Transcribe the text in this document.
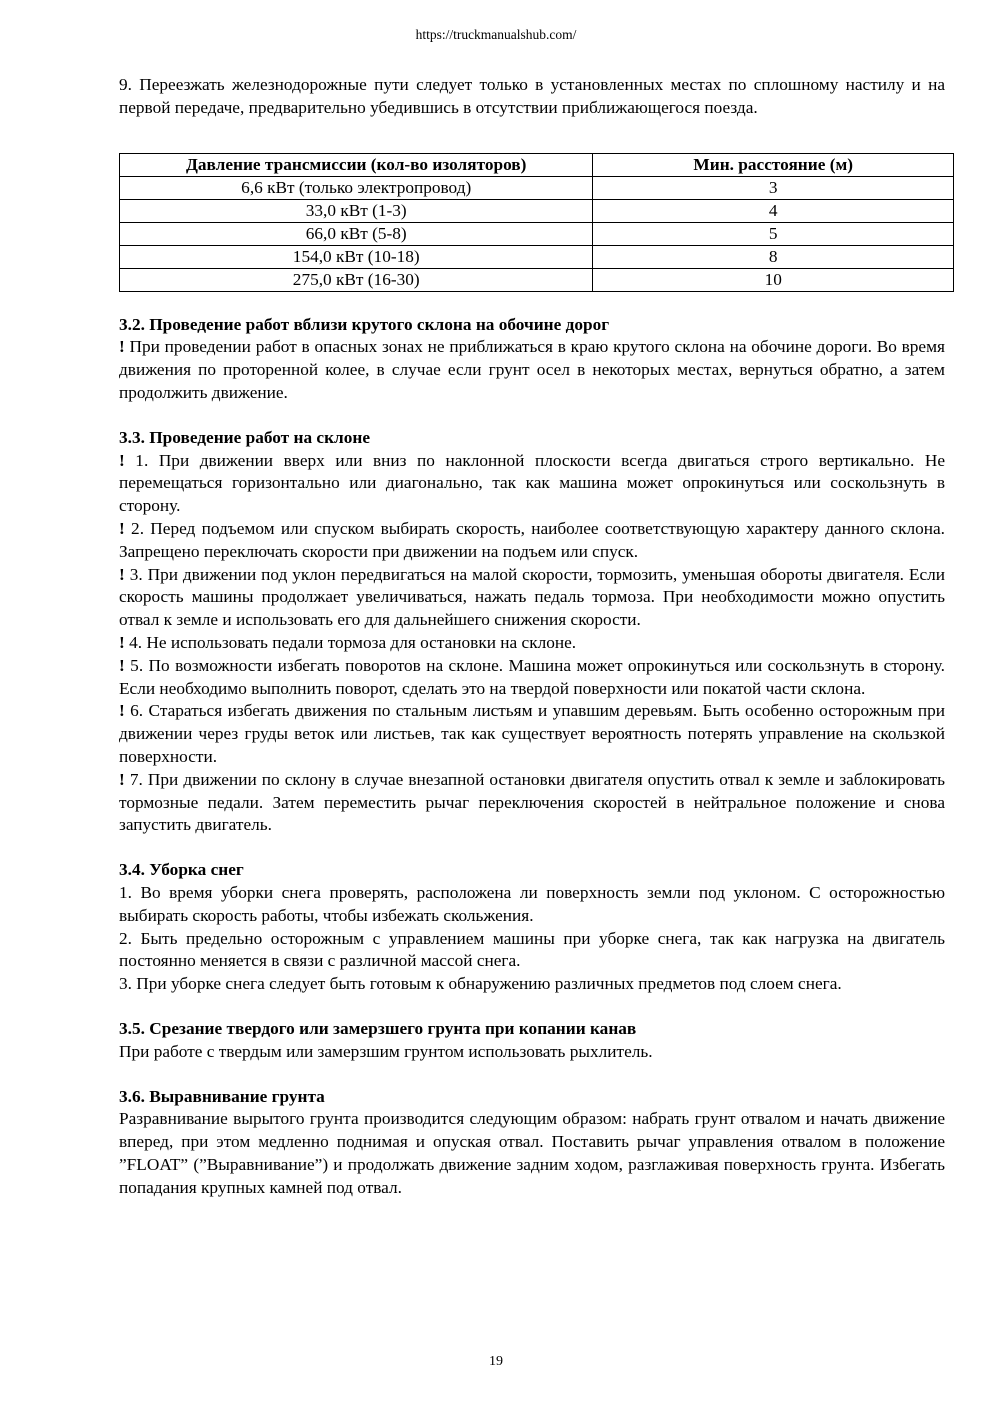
https://truckmanualshub.com/

9. Переезжать железнодорожные пути следует только в установленных местах по сплошному настилу и на первой передаче, предварительно убедившись в отсутствии приближающегося поезда.

Давление трансмиссии (кол-во изоляторов)	Мин. расстояние (м)
6,6 кВт (только электропровод)	3
33,0 кВт (1-3)	4
66,0 кВт (5-8)	5
154,0 кВт (10-18)	8
275,0 кВт (16-30)	10

3.2. Проведение работ вблизи крутого склона на обочине дорог

! При проведении работ в опасных зонах не приближаться в краю крутого склона на обочине дороги. Во время движения по проторенной колее, в случае если грунт осел в некоторых местах, вернуться обратно, а затем продолжить движение.

3.3. Проведение работ на склоне

! 1. При движении вверх или вниз по наклонной плоскости всегда двигаться строго вертикально. Не перемещаться горизонтально или диагонально, так как машина может опрокинуться или соскользнуть в сторону.

! 2. Перед подъемом или спуском выбирать скорость, наиболее соответствующую характеру данного склона. Запрещено переключать скорости при движении на подъем или спуск.

! 3. При движении под уклон передвигаться на малой скорости, тормозить, уменьшая обороты двигателя. Если скорость машины продолжает увеличиваться, нажать педаль тормоза. При необходимости можно опустить отвал к земле и использовать его для дальнейшего снижения скорости.

! 4. Не использовать педали тормоза для остановки на склоне.

! 5. По возможности избегать поворотов на склоне. Машина может опрокинуться или соскользнуть в сторону. Если необходимо выполнить поворот, сделать это на твердой поверхности или покатой части склона.

! 6. Стараться избегать движения по стальным листьям и упавшим деревьям. Быть особенно осторожным при движении через груды веток или листьев, так как существует вероятность потерять управление на скользкой поверхности.

! 7. При движении по склону в случае внезапной остановки двигателя опустить отвал к земле и заблокировать тормозные педали. Затем переместить рычаг переключения скоростей в нейтральное положение и снова запустить двигатель.

3.4. Уборка снег

1. Во время уборки снега проверять, расположена ли поверхность земли под уклоном. С осторожностью выбирать скорость работы, чтобы избежать скольжения.

2. Быть предельно осторожным с управлением машины при уборке снега, так как нагрузка на двигатель постоянно меняется в связи с различной массой снега.

3. При уборке снега следует быть готовым к обнаружению различных предметов под слоем снега.

3.5. Срезание твердого или замерзшего грунта при копании канав

При работе с твердым или замерзшим грунтом использовать рыхлитель.

3.6. Выравнивание грунта

Разравнивание вырытого грунта производится следующим образом: набрать грунт отвалом и начать движение вперед, при этом медленно поднимая и опуская отвал. Поставить рычаг управления отвалом в положение ”FLOAT” (”Выравнивание”) и продолжать движение задним ходом, разглаживая поверхность грунта. Избегать попадания крупных камней под отвал.

19
